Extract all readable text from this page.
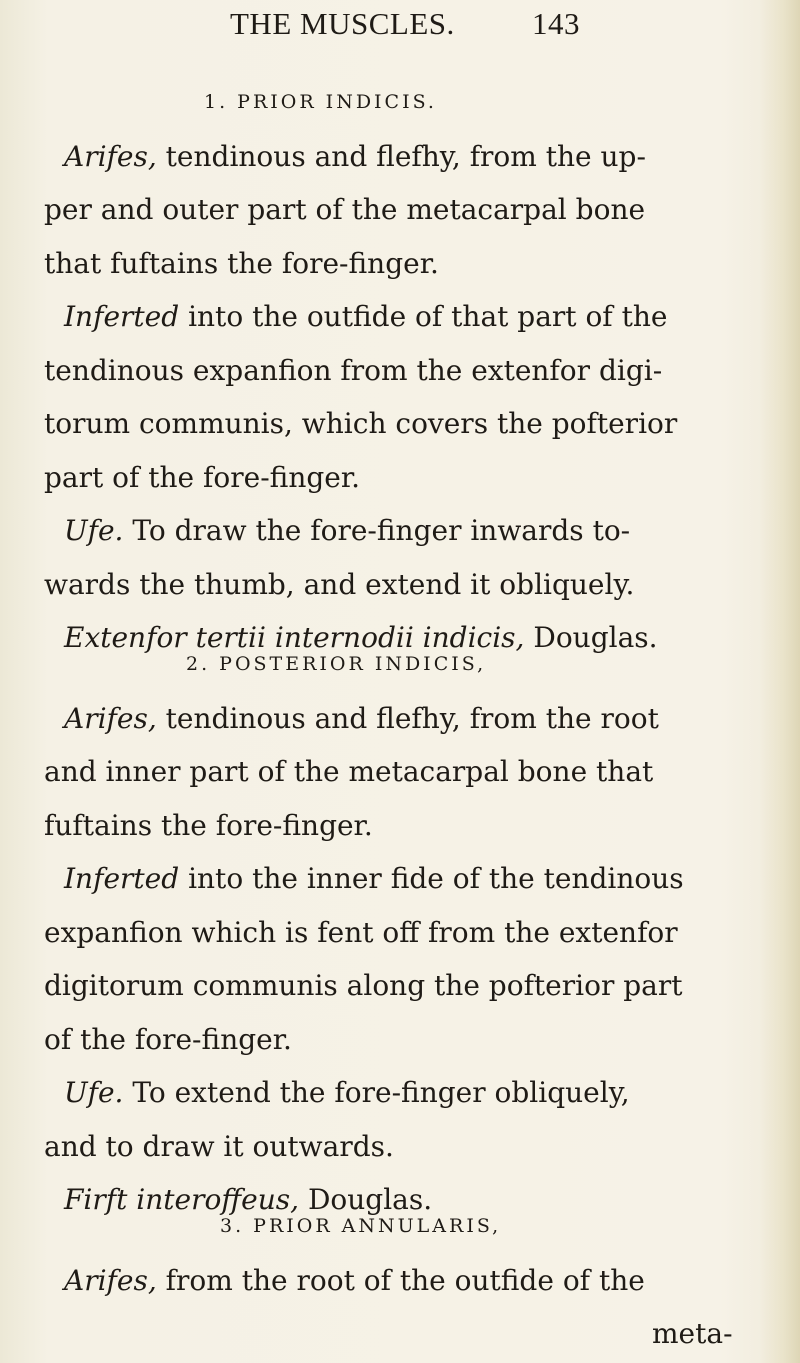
THE MUSCLES. 143
1. PRIOR INDICIS.
Arifes, tendinous and flefhy, from the up-
per and outer part of the metacarpal bone
that fuftains the fore-finger.
Inferted into the outfide of that part of the
tendinous expanfion from the extenfor digi-
torum communis, which covers the pofterior
part of the fore-finger.
Ufe. To draw the fore-finger inwards to-
wards the thumb, and extend it obliquely.
Extenfor tertii internodii indicis, Douglas.
2. POSTERIOR INDICIS,
Arifes, tendinous and flefhy, from the root
and inner part of the metacarpal bone that
fuftains the fore-finger.
Inferted into the inner fide of the tendinous
expanfion which is fent off from the extenfor
digitorum communis along the pofterior part
of the fore-finger.
Ufe. To extend the fore-finger obliquely,
and to draw it outwards.
Firft interoffeus, Douglas.
3. PRIOR ANNULARIS,
Arifes, from the root of the outfide of the
meta-
